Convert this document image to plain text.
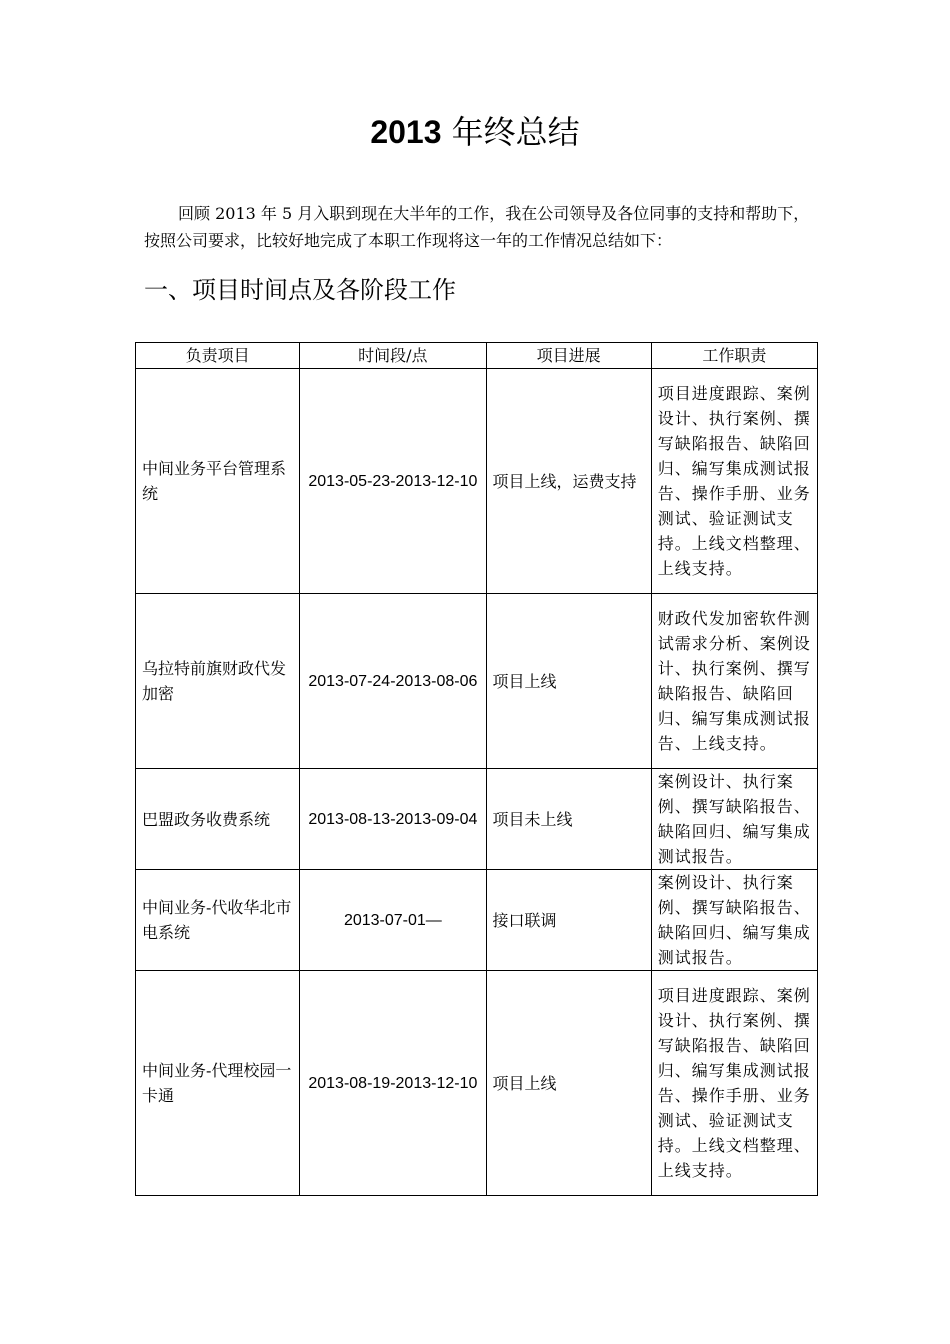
2013 年终总结

回顾 2013 年 5 月入职到现在大半年的工作，我在公司领导及各位同事的支持和帮助下，按照公司要求，比较好地完成了本职工作现将这一年的工作情况总结如下：

一、项目时间点及各阶段工作
负责项目	时间段/点	项目进展	工作职责
中间业务平台管理系统	2013-05-23-2013-12-10	项目上线，运费支持	项目进度跟踪、案例设计、执行案例、撰写缺陷报告、缺陷回归、编写集成测试报告、操作手册、业务测试、验证测试支持。上线文档整理、上线支持。
乌拉特前旗财政代发加密	2013-07-24-2013-08-06	项目上线	财政代发加密软件测试需求分析、案例设计、执行案例、撰写缺陷报告、缺陷回归、编写集成测试报告、上线支持。
巴盟政务收费系统	2013-08-13-2013-09-04	项目未上线	案例设计、执行案例、撰写缺陷报告、缺陷回归、编写集成测试报告。
中间业务-代收华北市电系统	2013-07-01—	接口联调	案例设计、执行案例、撰写缺陷报告、缺陷回归、编写集成测试报告。
中间业务-代理校园一卡通	2013-08-19-2013-12-10	项目上线	项目进度跟踪、案例设计、执行案例、撰写缺陷报告、缺陷回归、编写集成测试报告、操作手册、业务测试、验证测试支持。上线文档整理、上线支持。
